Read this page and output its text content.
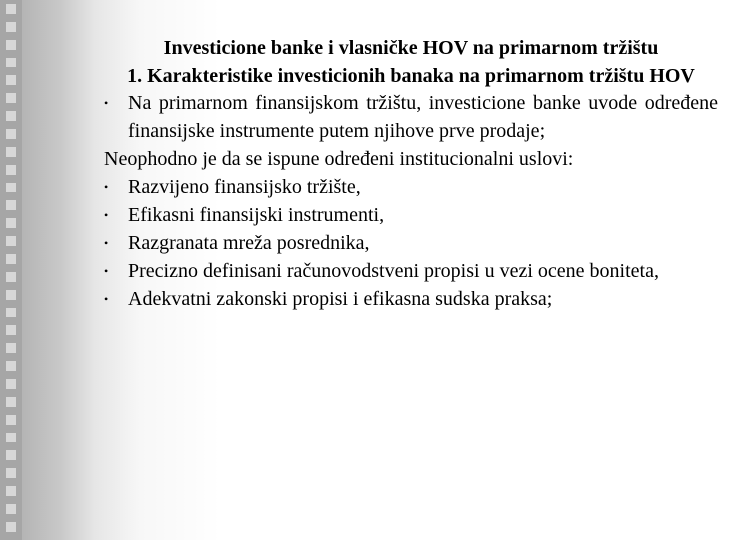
Investicione banke i vlasničke HOV na primarnom tržištu

1. Karakteristike investicionih banaka na primarnom tržištu HOV

• Na primarnom finansijskom tržištu, investicione banke uvode određene finansijske instrumente putem njihove prve prodaje;

Neophodno je da se ispune određeni institucionalni uslovi:

• Razvijeno finansijsko tržište,
• Efikasni finansijski instrumenti,
• Razgranata mreža posrednika,
• Precizno definisani računovodstveni propisi u vezi ocene boniteta,
• Adekvatni zakonski propisi i efikasna sudska praksa;
